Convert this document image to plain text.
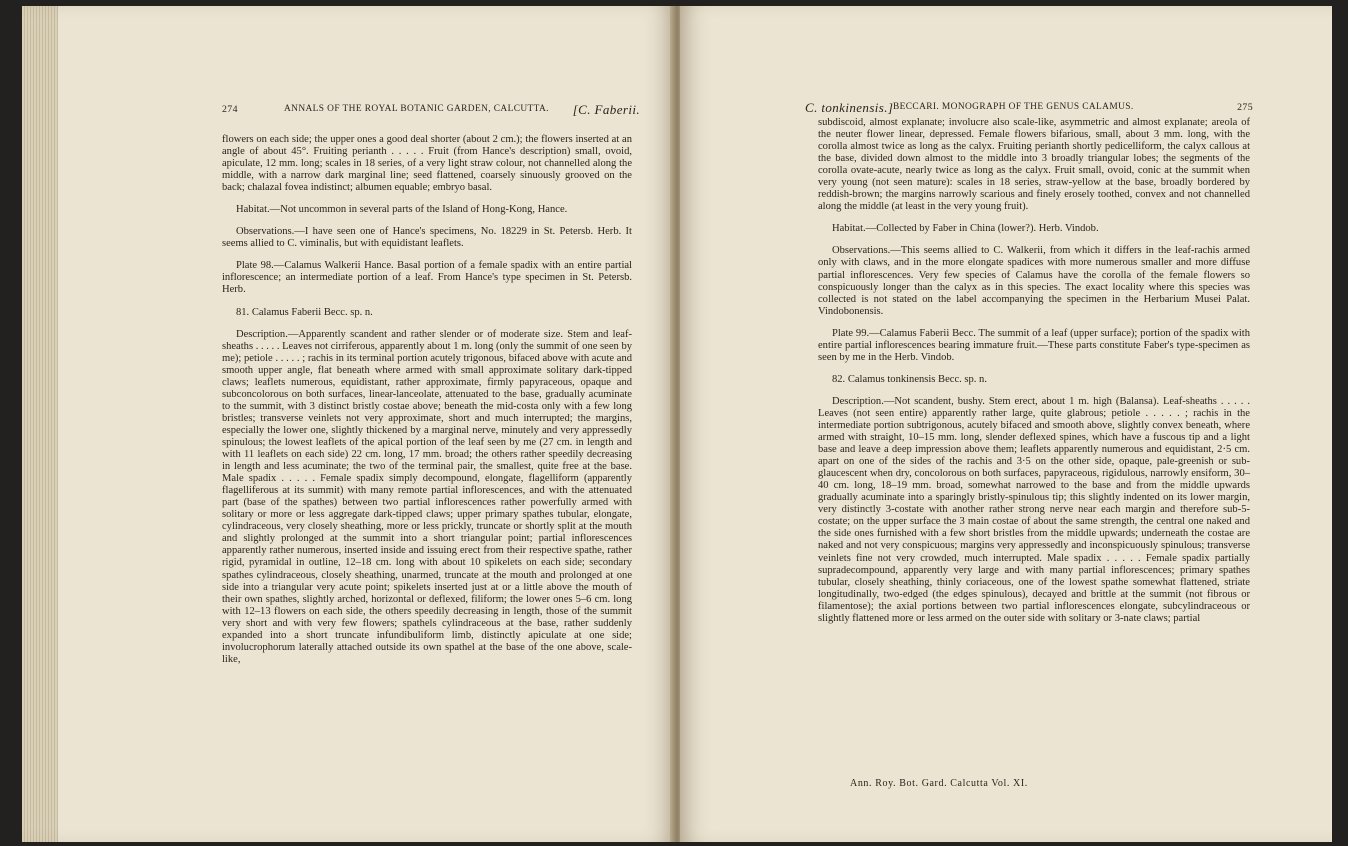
274	ANNALS OF THE ROYAL BOTANIC GARDEN, CALCUTTA. [C. Faberii.

flowers on each side; the upper ones a good deal shorter (about 2 cm.); the flowers inserted at an angle of about 45°. Fruiting perianth . . . . . Fruit (from Hance's description) small, ovoid, apiculate, 12 mm. long; scales in 18 series, of a very light straw colour, not channelled along the middle, with a narrow dark marginal line; seed flattened, coarsely sinuously grooved on the back; chalazal fovea indistinct; albumen equable; embryo basal.

Habitat.—Not uncommon in several parts of the Island of Hong-Kong, Hance.

Observations.—I have seen one of Hance's specimens, No. 18229 in St. Petersb. Herb. It seems allied to C. viminalis, but with equidistant leaflets.

Plate 98.—Calamus Walkerii Hance. Basal portion of a female spadix with an entire partial inflorescence; an intermediate portion of a leaf. From Hance's type specimen in St. Petersb. Herb.

81. Calamus Faberii Becc. sp. n.

Description.—Apparently scandent and rather slender or of moderate size. Stem and leaf-sheaths . . . . . Leaves not cirriferous, apparently about 1 m. long (only the summit of one seen by me); petiole . . . . . ; rachis in its terminal portion acutely trigonous, bifaced above with acute and smooth upper angle, flat beneath where armed with small approximate solitary dark-tipped claws; leaflets numerous, equidistant, rather approximate, firmly papyraceous, opaque and subconcolorous on both surfaces, linear-lanceolate, attenuated to the base, gradually acuminate to the summit, with 3 distinct bristly costae above; beneath the mid-costa only with a few long bristles; transverse veinlets not very approximate, short and much interrupted; the margins, especially the lower one, slightly thickened by a marginal nerve, minutely and very appressedly spinulous; the lowest leaflets of the apical portion of the leaf seen by me (27 cm. in length and with 11 leaflets on each side) 22 cm. long, 17 mm. broad; the others rather speedily decreasing in length and less acuminate; the two of the terminal pair, the smallest, quite free at the base. Male spadix . . . . . Female spadix simply decompound, elongate, flagelliform (apparently flagelliferous at its summit) with many remote partial inflorescences, and with the attenuated part (base of the spathes) between two partial inflorescences rather powerfully armed with solitary or more or less aggregate dark-tipped claws; upper primary spathes tubular, elongate, cylindraceous, very closely sheathing, more or less prickly, truncate or shortly split at the mouth and slightly prolonged at the summit into a short triangular point; partial inflorescences apparently rather numerous, inserted inside and issuing erect from their respective spathe, rather rigid, pyramidal in outline, 12–18 cm. long with about 10 spikelets on each side; secondary spathes cylindraceous, closely sheathing, unarmed, truncate at the mouth and prolonged at one side into a triangular very acute point; spikelets inserted just at or a little above the mouth of their own spathes, slightly arched, horizontal or deflexed, filiform; the lower ones 5–6 cm. long with 12–13 flowers on each side, the others speedily decreasing in length, those of the summit very short and with very few flowers; spathels cylindraceous at the base, rather suddenly expanded into a short truncate infundibuliform limb, distinctly apiculate at one side; involucrophorum laterally attached outside its own spathel at the base of the one above, scale-like,

C. tonkinensis.] BECCARI. MONOGRAPH OF THE GENUS CALAMUS.	275

subdiscoid, almost explanate; involucre also scale-like, asymmetric and almost explanate; areola of the neuter flower linear, depressed. Female flowers bifarious, small, about 3 mm. long, with the corolla almost twice as long as the calyx. Fruiting perianth shortly pedicelliform, the calyx callous at the base, divided down almost to the middle into 3 broadly triangular lobes; the segments of the corolla ovate-acute, nearly twice as long as the calyx. Fruit small, ovoid, conic at the summit when very young (not seen mature): scales in 18 series, straw-yellow at the base, broadly bordered by reddish-brown; the margins narrowly scarious and finely erosely toothed, convex and not channelled along the middle (at least in the very young fruit).

Habitat.—Collected by Faber in China (lower?). Herb. Vindob.

Observations.—This seems allied to C. Walkerii, from which it differs in the leaf-rachis armed only with claws, and in the more elongate spadices with more numerous smaller and more diffuse partial inflorescences. Very few species of Calamus have the corolla of the female flowers so conspicuously longer than the calyx as in this species. The exact locality where this species was collected is not stated on the label accompanying the specimen in the Herbarium Musei Palat. Vindobonensis.

Plate 99.—Calamus Faberii Becc. The summit of a leaf (upper surface); portion of the spadix with entire partial inflorescences bearing immature fruit.—These parts constitute Faber's type-specimen as seen by me in the Herb. Vindob.

82. Calamus tonkinensis Becc. sp. n.

Description.—Not scandent, bushy. Stem erect, about 1 m. high (Balansa). Leaf-sheaths . . . . . Leaves (not seen entire) apparently rather large, quite glabrous; petiole . . . . . ; rachis in the intermediate portion subtrigonous, acutely bifaced and smooth above, slightly convex beneath, where armed with straight, 10–15 mm. long, slender deflexed spines, which have a fuscous tip and a light base and leave a deep impression above them; leaflets apparently numerous and equidistant, 2·5 cm. apart on one of the sides of the rachis and 3·5 on the other side, opaque, pale-greenish or sub-glaucescent when dry, concolorous on both surfaces, papyraceous, rigidulous, narrowly ensiform, 30–40 cm. long, 18–19 mm. broad, somewhat narrowed to the base and from the middle upwards gradually acuminate into a sparingly bristly-spinulous tip; this slightly indented on its lower margin, very distinctly 3-costate with another rather strong nerve near each margin and therefore sub-5-costate; on the upper surface the 3 main costae of about the same strength, the central one naked and the side ones furnished with a few short bristles from the middle upwards; underneath the costae are naked and not very conspicuous; margins very appressedly and inconspicuously spinulous; transverse veinlets fine not very crowded, much interrupted. Male spadix . . . . . Female spadix partially supradecompound, apparently very large and with many partial inflorescences; primary spathes tubular, closely sheathing, thinly coriaceous, one of the lowest spathe somewhat flattened, striate longitudinally, two-edged (the edges spinulous), decayed and brittle at the summit (not fibrous or filamentose); the axial portions between two partial inflorescences elongate, subcylindraceous or slightly flattened more or less armed on the outer side with solitary or 3-nate claws; partial

Ann. Roy. Bot. Gard. Calcutta Vol. XI.
